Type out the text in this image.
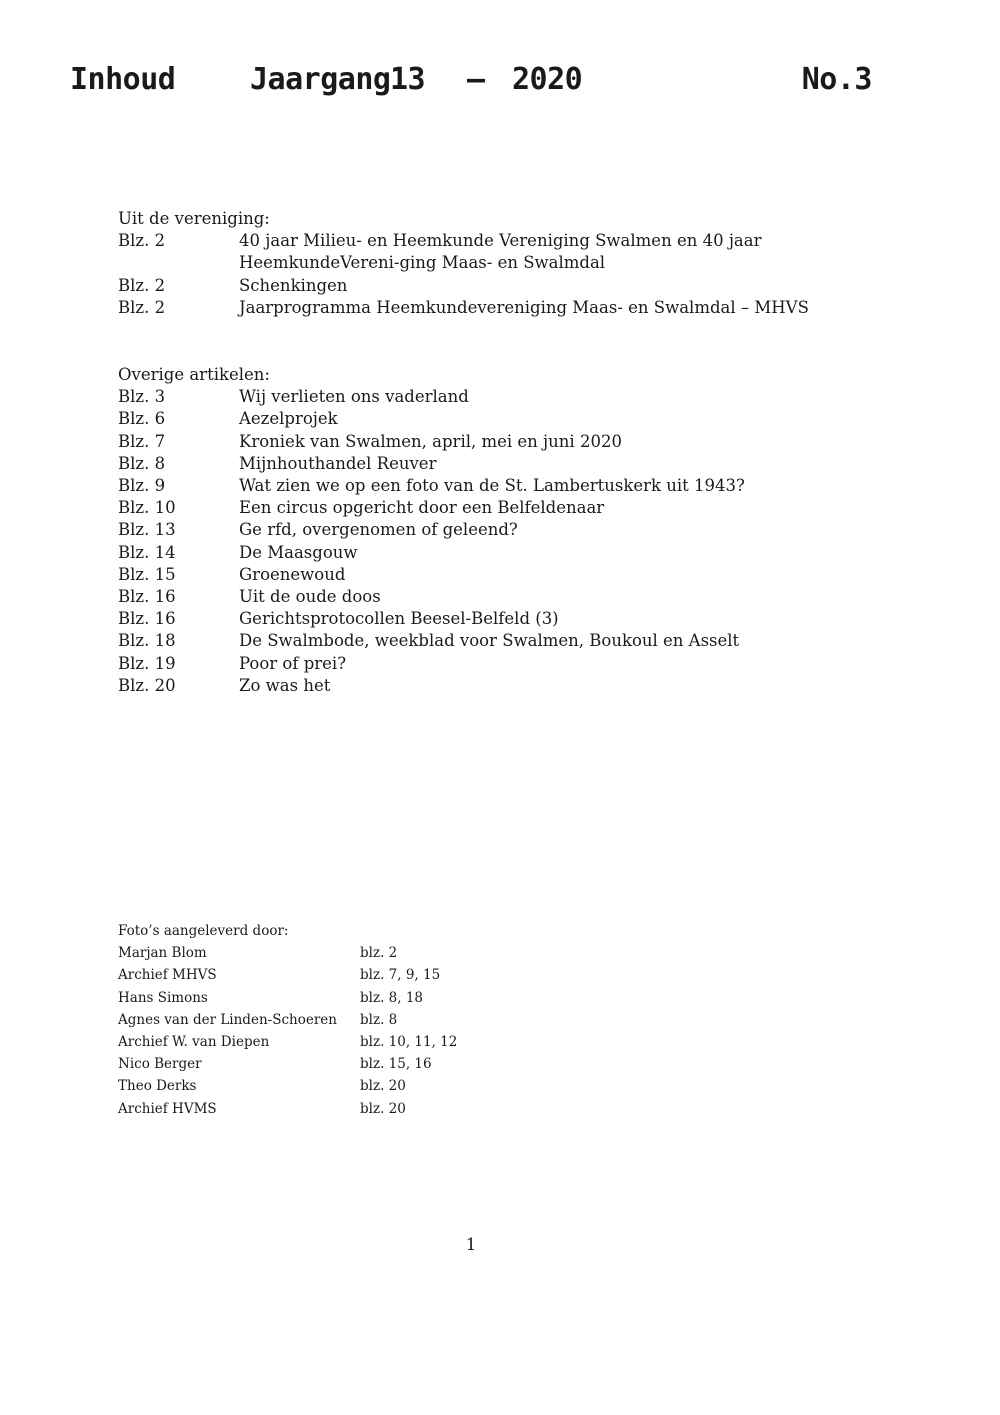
Inhoud Jaargang 13 – 2020	No.3
Uit de vereniging:
Blz. 2	40 jaar Milieu- en Heemkunde Vereniging Swalmen en 40 jaar HeemkundeVereni-ging Maas- en Swalmdal
Blz. 2	Schenkingen
Blz. 2	Jaarprogramma Heemkundevereniging Maas- en Swalmdal – MHVS
Overige artikelen:
Blz. 3	Wij verlieten ons vaderland
Blz. 6	Aezelprojek
Blz. 7	Kroniek van Swalmen, april, mei en juni 2020
Blz. 8	Mijnhouthandel Reuver
Blz. 9	Wat zien we op een foto van de St. Lambertuskerk uit 1943?
Blz. 10	Een circus opgericht door een Belfeldenaar
Blz. 13	Ge rfd, overgenomen of geleend?
Blz. 14	De Maasgouw
Blz. 15	Groenewoud
Blz. 16	Uit de oude doos
Blz. 16	Gerichtsprotocollen Beesel-Belfeld (3)
Blz. 18	De Swalmbode, weekblad voor Swalmen, Boukoul en Asselt
Blz. 19	Poor of prei?
Blz. 20	Zo was het
Foto’s aangeleverd door:
Marjan Blom	blz. 2
Archief MHVS	blz. 7, 9, 15
Hans Simons	blz. 8, 18
Agnes van der Linden-Schoeren	blz. 8
Archief W. van Diepen	blz. 10, 11, 12
Nico Berger	blz. 15, 16
Theo Derks	blz. 20
Archief HVMS	blz. 20
1
